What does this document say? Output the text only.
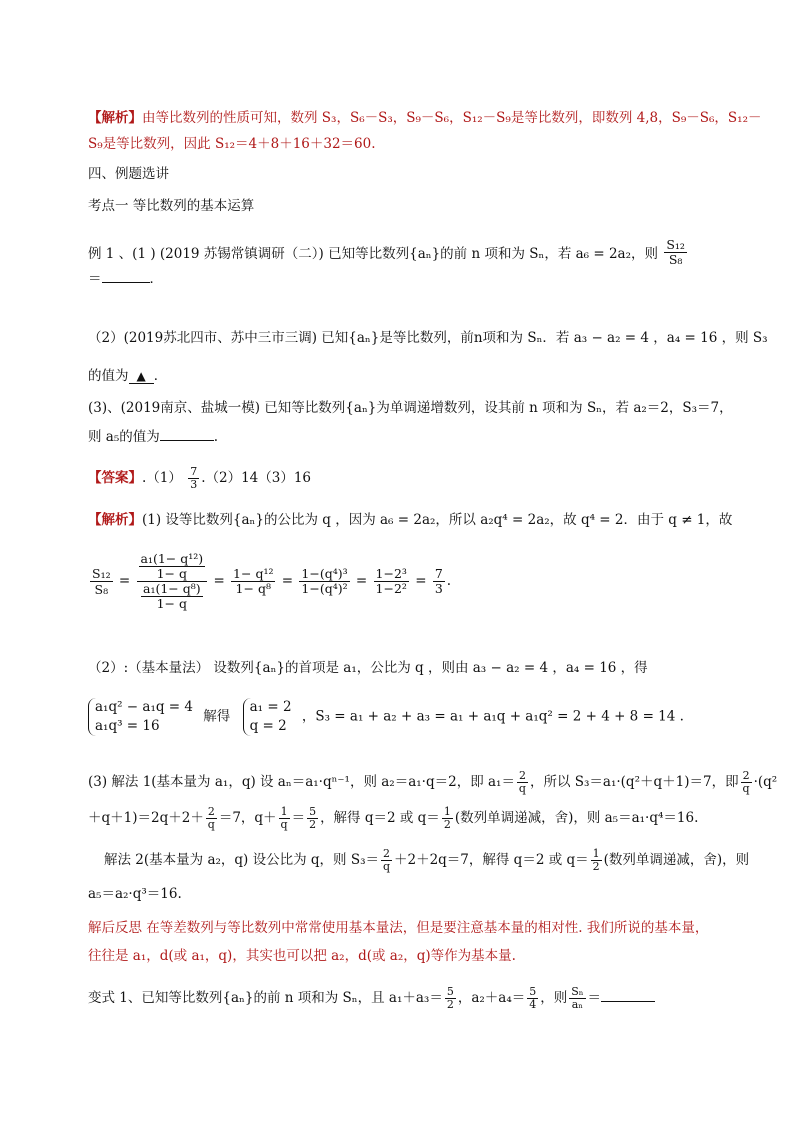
【解析】由等比数列的性质可知，数列 S₃，S₆－S₃，S₉－S₆，S₁₂－S₉是等比数列，即数列 4,8，S₉－S₆，S₁₂－
S₉是等比数列，因此 S₁₂＝4＋8＋16＋32＝60.
四、例题选讲
考点一 等比数列的基本运算
例 1 、(1 ) (2019 苏锡常镇调研（二）) 已知等比数列{aₙ}的前 n 项和为 Sₙ，若 a₆ = 2a₂，则 $\frac{\text{S₁₂}}{\text{S₈}}$
＝	．
（2）(2019苏北四市、苏中三市三调) 已知{aₙ}是等比数列，前n项和为 Sₙ．若 a₃ − a₂ = 4 ，a₄ = 16 ，则 S₃
的值为 ▲ ．
(3)、(2019南京、盐城一模) 已知等比数列{aₙ}为单调递增数列，设其前 n 项和为 Sₙ，若 a₂＝2，S₃＝7，
则 a₅的值为	.
【答案】$.(1) \frac{7}{3} .(2)14(3)16$
【解析】(1) 设等比数列{aₙ}的公比为 q ，因为 a₆ = 2a₂，所以 a₂q⁴ = 2a₂，故 q⁴ = 2．由于 q ≠ 1，故
$\frac{\text{S₁₂}}{\text{S₈}} = \frac{\frac{\text{a₁(1− q¹²)}}{1- q}}{\frac{\text{a₁(1− q⁸)}}{1- q}} = \frac{\text{1− q¹²}}{\text{1− q⁸}} = \frac{\text{1−(q⁴)³}}{\text{1−(q⁴)²}} = \frac{\text{1−2³}}{\text{1−2²}} = \frac{7}{3}$ .
（2）:（基本量法） 设数列{aₙ}的首项是 a₁，公比为 q ，则由 a₃ − a₂ = 4 ，a₄ = 16 ，得
a₁q² − a₁q = 4
a₁q³ = 16
解得
a₁ = 2
q = 2
，S₃ = a₁ + a₂ + a₃ = a₁ + a₁q + a₁q² = 2 + 4 + 8 = 14 .
(3) 解法 1(基本量为 a₁，q) 设 aₙ＝a₁·qⁿ⁻¹，则 a₂＝a₁·q＝2，即 $a_1= \frac{2}{q}$ ，所以 S₃＝a₁·(q²＋q＋1)＝7，即 $\frac{2}{q} \cdot(q^2$
$+q+1)=2q+2+ \frac{2}{q} =7$，$q+ \frac{1}{q} = \frac{5}{2}$ ，解得 q＝2 或 $q= \frac{1}{2}$ (数列单调递减，舍)，则 a₅＝a₁·q⁴＝16.
解法 2(基本量为 a₂，q) 设公比为 q，则 $S_3= \frac{2}{q} +2+2q=7$，解得 q＝2 或 $q= \frac{1}{2}$ (数列单调递减，舍)，则
a₅＝a₂·q³＝16.
解后反思 在等差数列与等比数列中常常使用基本量法，但是要注意基本量的相对性. 我们所说的基本量，
往往是 a₁，d(或 a₁，q)，其实也可以把 a₂，d(或 a₂，q)等作为基本量.
变式 1、已知等比数列{aₙ}的前 n 项和为 Sₙ，且 $a_1+a_3= \frac{5}{2}$ ，$a_2+a_4= \frac{5}{4}$ ，则 $\frac{\text{Sₙ}}{\text{aₙ}}$ ＝
